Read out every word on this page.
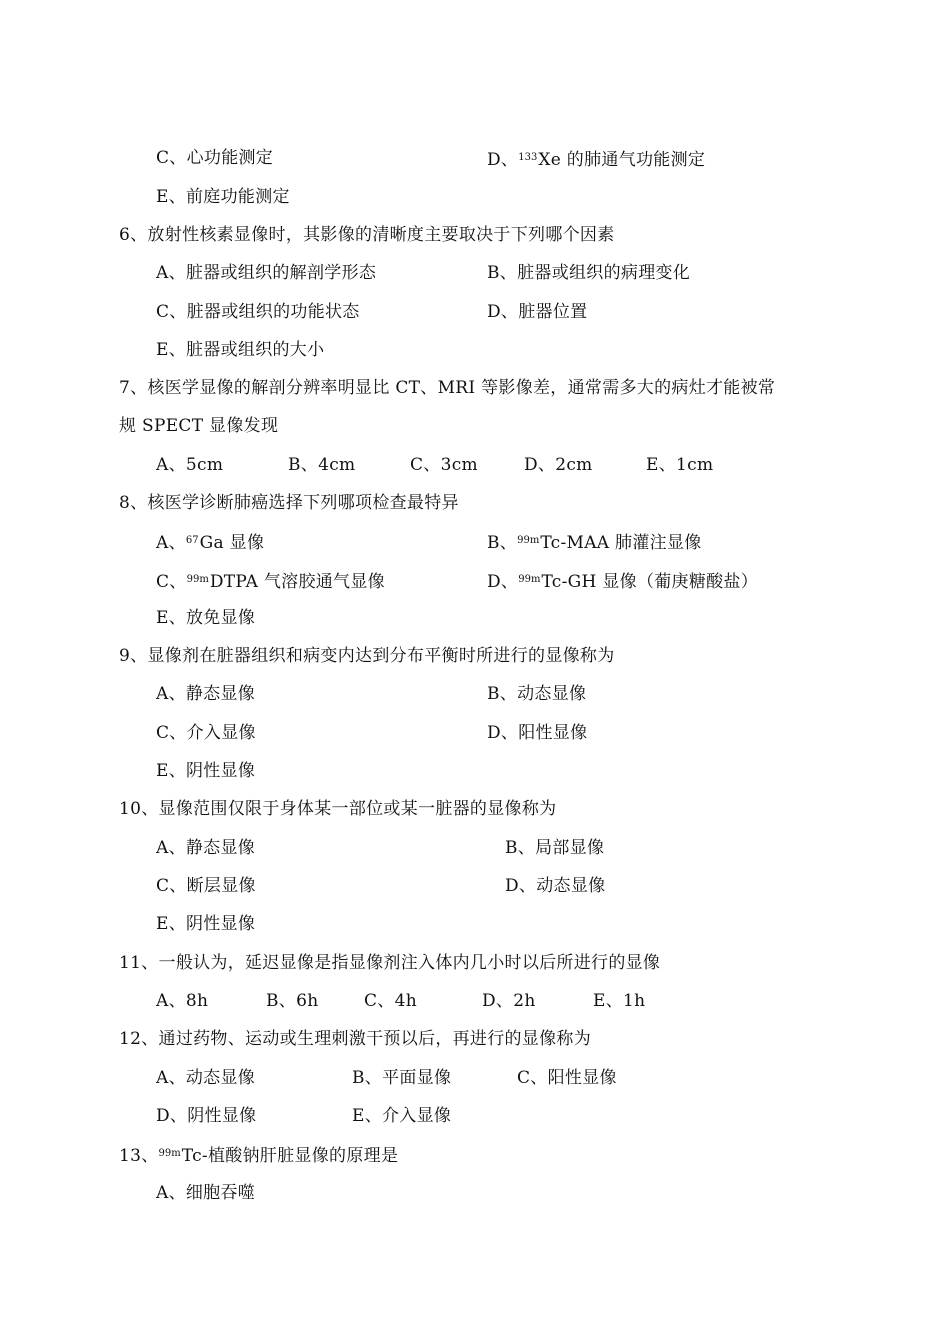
C、心功能测定	D、$^{133}$Xe 的肺通气功能测定
E、前庭功能测定
6、放射性核素显像时，其影像的清晰度主要取决于下列哪个因素
A、脏器或组织的解剖学形态	B、脏器或组织的病理变化
C、脏器或组织的功能状态	D、脏器位置
E、脏器或组织的大小
7、核医学显像的解剖分辨率明显比 CT、MRI 等影像差，通常需多大的病灶才能被常
规 SPECT 显像发现
A、5cm	B、4cm	C、3cm	D、2cm	E、1cm
8、核医学诊断肺癌选择下列哪项检查最特异
A、$^{67}$Ga 显像	B、$^{99m}$Tc-MAA 肺灌注显像
C、$^{99m}$DTPA 气溶胶通气显像	D、$^{99m}$Tc-GH 显像（葡庚糖酸盐）
E、放免显像
9、显像剂在脏器组织和病变内达到分布平衡时所进行的显像称为
A、静态显像	B、动态显像
C、介入显像	D、阳性显像
E、阴性显像
10、显像范围仅限于身体某一部位或某一脏器的显像称为
A、静态显像	B、局部显像
C、断层显像	D、动态显像
E、阴性显像
11、一般认为，延迟显像是指显像剂注入体内几小时以后所进行的显像
A、8h	B、6h	C、4h	D、2h	E、1h
12、通过药物、运动或生理刺激干预以后，再进行的显像称为
A、动态显像	B、平面显像	C、阳性显像
D、阴性显像	E、介入显像
13、$^{99m}$Tc-植酸钠肝脏显像的原理是
A、细胞吞噬
